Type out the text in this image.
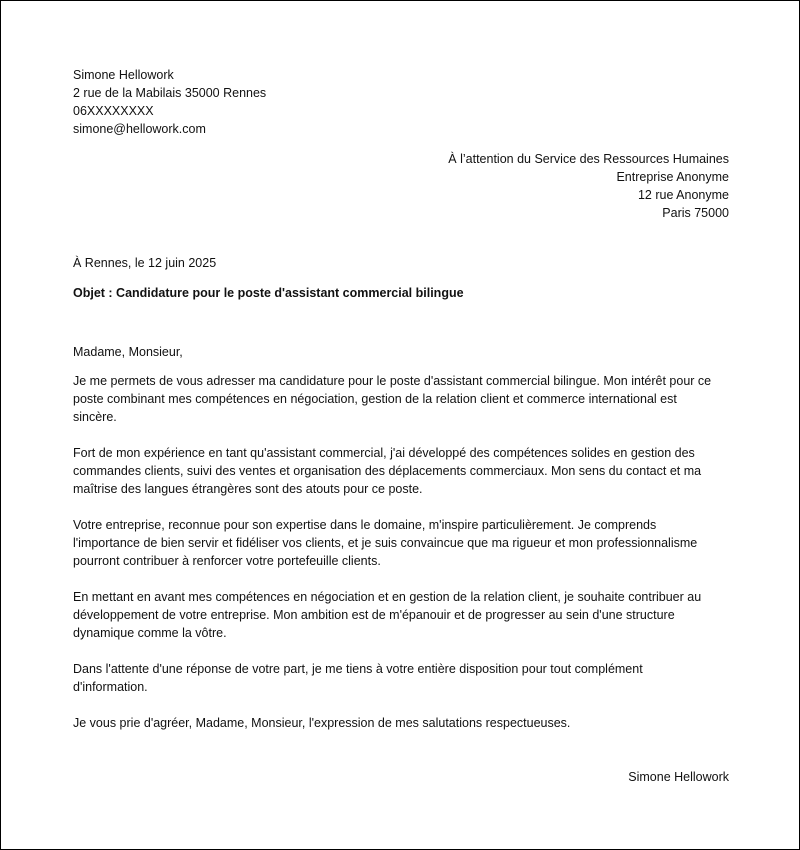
Simone Hellowork
2 rue de la Mabilais 35000 Rennes
06XXXXXXXX
simone@hellowork.com
À l’attention du Service des Ressources Humaines
Entreprise Anonyme
12 rue Anonyme
Paris 75000
À Rennes, le 12 juin 2025
Objet : Candidature pour le poste d'assistant commercial bilingue
Madame, Monsieur,
Je me permets de vous adresser ma candidature pour le poste d'assistant commercial bilingue. Mon intérêt pour ce
poste combinant mes compétences en négociation, gestion de la relation client et commerce international est
sincère.
Fort de mon expérience en tant qu'assistant commercial, j'ai développé des compétences solides en gestion des
commandes clients, suivi des ventes et organisation des déplacements commerciaux. Mon sens du contact et ma
maîtrise des langues étrangères sont des atouts pour ce poste.
Votre entreprise, reconnue pour son expertise dans le domaine, m'inspire particulièrement. Je comprends
l'importance de bien servir et fidéliser vos clients, et je suis convaincue que ma rigueur et mon professionnalisme
pourront contribuer à renforcer votre portefeuille clients.
En mettant en avant mes compétences en négociation et en gestion de la relation client, je souhaite contribuer au
développement de votre entreprise. Mon ambition est de m'épanouir et de progresser au sein d'une structure
dynamique comme la vôtre.
Dans l'attente d'une réponse de votre part, je me tiens à votre entière disposition pour tout complément
d'information.
Je vous prie d'agréer, Madame, Monsieur, l'expression de mes salutations respectueuses.
Simone Hellowork
